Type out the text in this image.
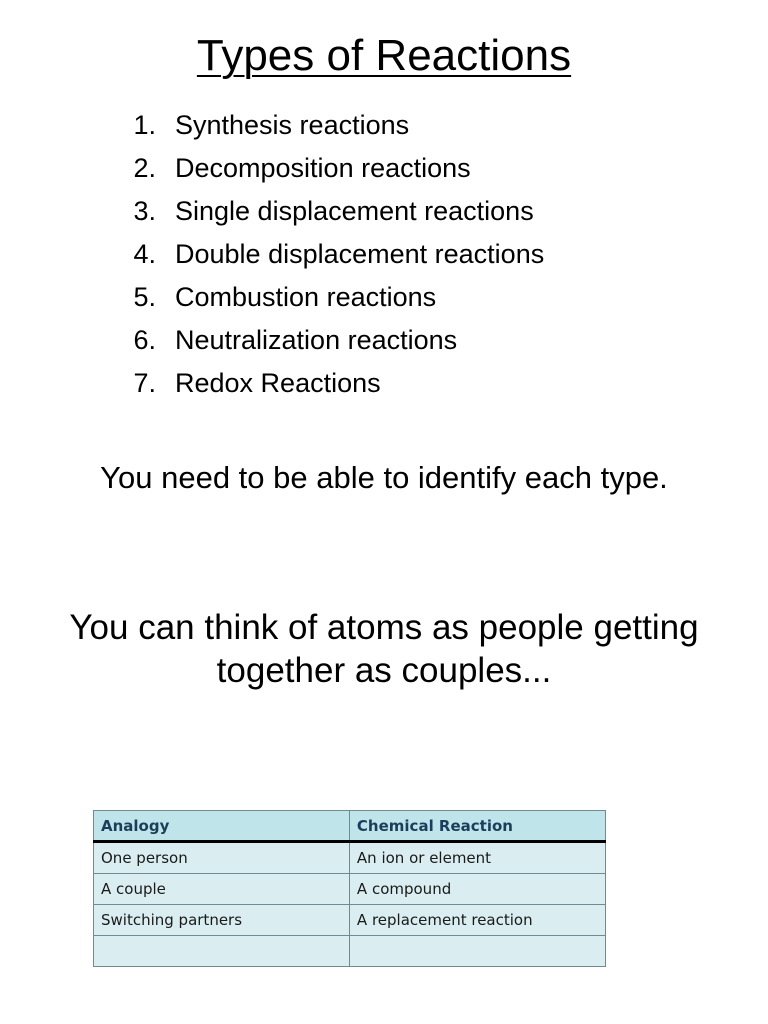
Types of Reactions
1. Synthesis reactions
2. Decomposition reactions
3. Single displacement reactions
4. Double displacement reactions
5. Combustion reactions
6. Neutralization reactions
7. Redox Reactions
You need to be able to identify each type.
You can think of atoms as people getting together as couples...
Analogy	Chemical Reaction
One person	An ion or element
A couple	A compound
Switching partners	A replacement reaction
